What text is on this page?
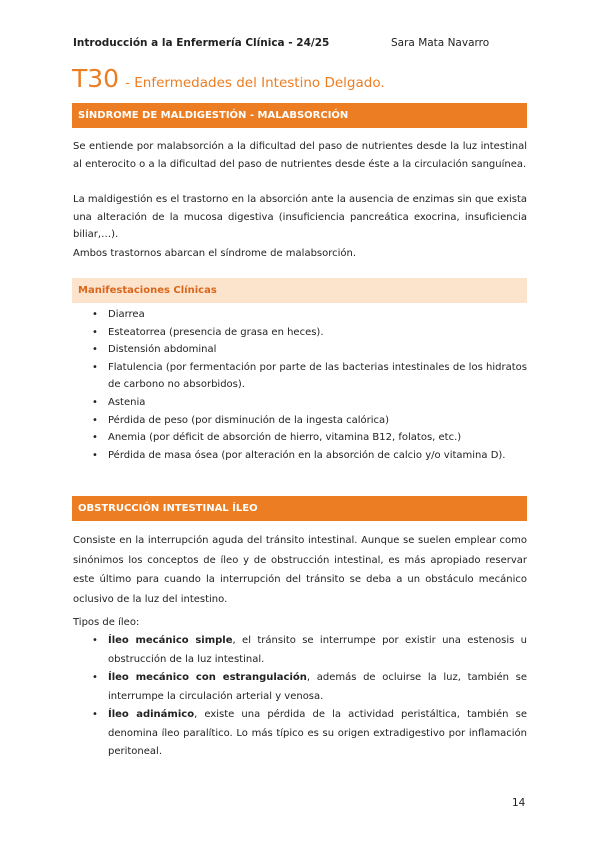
Introducción a la Enfermería Clínica - 24/25	Sara Mata Navarro
T30 - Enfermedades del Intestino Delgado.
SÍNDROME DE MALDIGESTIÓN - MALABSORCIÓN

Se entiende por malabsorción a la dificultad del paso de nutrientes desde la luz intestinal al enterocito o a la dificultad del paso de nutrientes desde éste a la circulación sanguínea.

La maldigestión es el trastorno en la absorción ante la ausencia de enzimas sin que exista una alteración de la mucosa digestiva (insuficiencia pancreática exocrina, insuficiencia biliar,…).

Ambos trastornos abarcan el síndrome de malabsorción.

Manifestaciones Clínicas
• Diarrea
• Esteatorrea (presencia de grasa en heces).
• Distensión abdominal
• Flatulencia (por fermentación por parte de las bacterias intestinales de los hidratos de carbono no absorbidos).
• Astenia
• Pérdida de peso (por disminución de la ingesta calórica)
• Anemia (por déficit de absorción de hierro, vitamina B12, folatos, etc.)
• Pérdida de masa ósea (por alteración en la absorción de calcio y/o vitamina D).
OBSTRUCCIÓN INTESTINAL ÍLEO

Consiste en la interrupción aguda del tránsito intestinal. Aunque se suelen emplear como sinónimos los conceptos de íleo y de obstrucción intestinal, es más apropiado reservar este último para cuando la interrupción del tránsito se deba a un obstáculo mecánico oclusivo de la luz del intestino.

Tipos de íleo:

• Íleo mecánico simple, el tránsito se interrumpe por existir una estenosis u obstrucción de la luz intestinal.
• Íleo mecánico con estrangulación, además de ocluirse la luz, también se interrumpe la circulación arterial y venosa.
• Íleo adinámico, existe una pérdida de la actividad peristáltica, también se denomina íleo paralítico. Lo más típico es su origen extradigestivo por inflamación peritoneal.
14
